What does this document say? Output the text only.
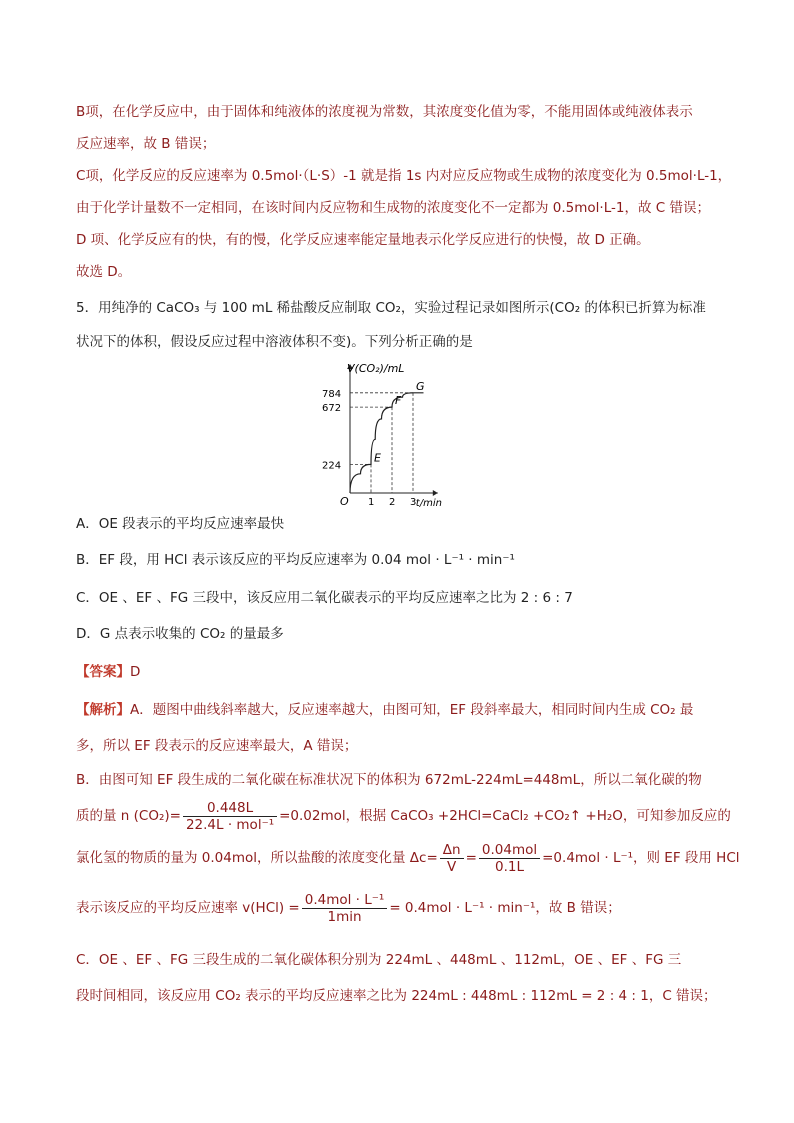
B项，在化学反应中，由于固体和纯液体的浓度视为常数，其浓度变化值为零，不能用固体或纯液体表示
反应速率，故 B 错误；
C项，化学反应的反应速率为 0.5mol·（L·S）-1 就是指 1s 内对应反应物或生成物的浓度变化为 0.5mol·L-1，
由于化学计量数不一定相同，在该时间内反应物和生成物的浓度变化不一定都为 0.5mol·L-1，故 C 错误；
D 项、化学反应有的快，有的慢，化学反应速率能定量地表示化学反应进行的快慢，故 D 正确。
故选 D。
5．用纯净的 CaCO₃ 与 100 mL 稀盐酸反应制取 CO₂，实验过程记录如图所示(CO₂ 的体积已折算为标准
状况下的体积，假设反应过程中溶液体积不变)。下列分析正确的是
V(CO₂)/mL
t/min
O 1 2 3
224
672
784
E
F
G
A．OE 段表示的平均反应速率最快
B．EF 段，用 HCl 表示该反应的平均反应速率为 0.04 mol · L⁻¹ · min⁻¹
C．OE 、EF 、FG 三段中，该反应用二氧化碳表示的平均反应速率之比为 2 : 6 : 7
D．G 点表示收集的 CO₂ 的量最多
【答案】D
【解析】A．题图中曲线斜率越大，反应速率越大，由图可知，EF 段斜率最大，相同时间内生成 CO₂ 最
多，所以 EF 段表示的反应速率最大，A 错误；
B．由图可知 EF 段生成的二氧化碳在标准状况下的体积为 672mL-224mL=448mL，所以二氧化碳的物
质的量 n $(CO_2)= \frac{0.448L}{\text{22.4L · mol⁻¹}} =0.02mol$，根据 CaCO₃ +2HCl=CaCl₂ +CO₂↑ +H₂O，可知参加反应的
氯化氢的物质的量为 0.04mol，所以盐酸的浓度变化量 $\Delta c= \frac{\Delta n}{V} = \frac{\text{0.04mol}}{0.1L} =0.4mol \cdot L^{-1}$，则 EF 段用 HCl
表示该反应的平均反应速率 $v(HCl) = \frac{\text{0.4mol · L⁻¹}}{1\min} = 0.4mol \cdot L^{-1} \cdot \min^{-1}$，故 B 错误；
C．OE 、EF 、FG 三段生成的二氧化碳体积分别为 224mL 、448mL 、112mL，OE 、EF 、FG 三
段时间相同，该反应用 CO₂ 表示的平均反应速率之比为 224mL : 448mL : 112mL = 2 : 4 : 1，C 错误；
